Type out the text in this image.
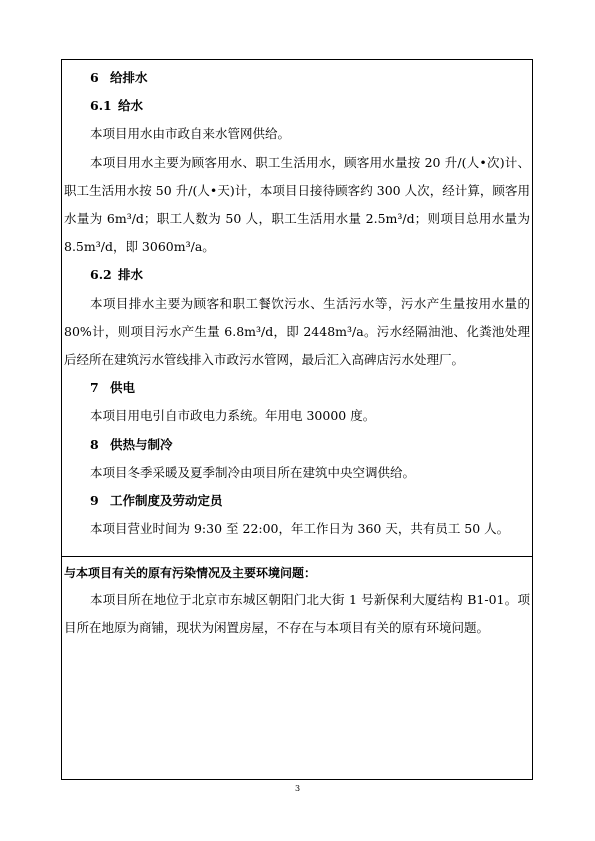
6 给排水
6.1 给水
本项目用水由市政自来水管网供给。
本项目用水主要为顾客用水、职工生活用水，顾客用水量按 20 升/(人•次)计、职工生活用水按 50 升/(人•天)计，本项目日接待顾客约 300 人次，经计算，顾客用水量为 6m³/d；职工人数为 50 人，职工生活用水量 2.5m³/d；则项目总用水量为 8.5m³/d，即 3060m³/a。
6.2 排水
本项目排水主要为顾客和职工餐饮污水、生活污水等，污水产生量按用水量的 80%计，则项目污水产生量 6.8m³/d，即 2448m³/a。污水经隔油池、化粪池处理后经所在建筑污水管线排入市政污水管网，最后汇入高碑店污水处理厂。
7 供电
本项目用电引自市政电力系统。年用电 30000 度。
8 供热与制冷
本项目冬季采暖及夏季制冷由项目所在建筑中央空调供给。
9 工作制度及劳动定员
本项目营业时间为 9:30 至 22:00，年工作日为 360 天，共有员工 50 人。
与本项目有关的原有污染情况及主要环境问题：
本项目所在地位于北京市东城区朝阳门北大街 1 号新保利大厦结构 B1-01。项目所在地原为商铺，现状为闲置房屋，不存在与本项目有关的原有环境问题。
3
